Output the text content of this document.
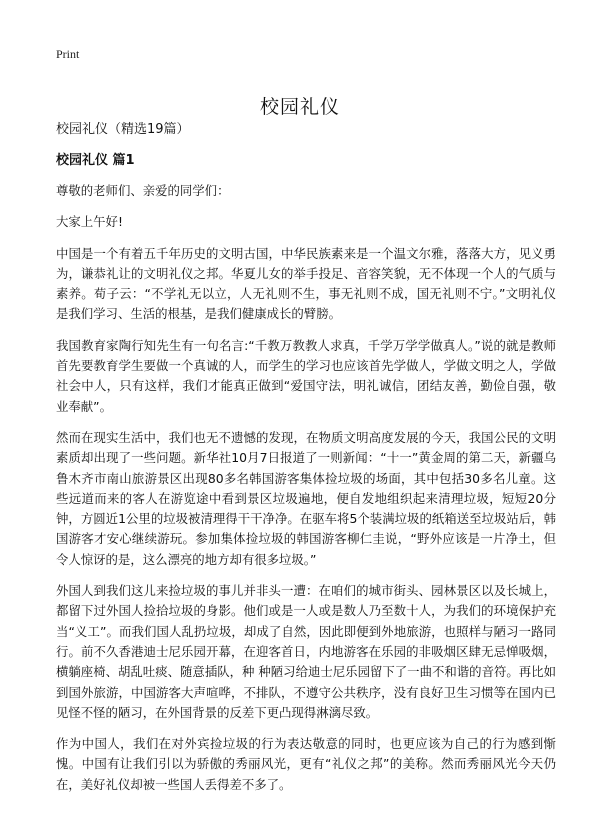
Print
校园礼仪
校园礼仪（精选19篇）
校园礼仪 篇1

尊敬的老师们、亲爱的同学们：

大家上午好!

中国是一个有着五千年历史的文明古国，中华民族素来是一个温文尔雅，落落大方，见义勇为，谦恭礼让的文明礼仪之邦。华夏儿女的举手投足、音容笑貌，无不体现一个人的气质与素养。荀子云：“不学礼无以立，人无礼则不生，事无礼则不成，国无礼则不宁。”文明礼仪是我们学习、生活的根基，是我们健康成长的臂膀。

我国教育家陶行知先生有一句名言:“千教万教教人求真，千学万学学做真人。”说的就是教师首先要教育学生要做一个真诚的人，而学生的学习也应该首先学做人，学做文明之人，学做社会中人，只有这样，我们才能真正做到“爱国守法，明礼诚信，团结友善，勤俭自强，敬业奉献”。

然而在现实生活中，我们也无不遗憾的发现，在物质文明高度发展的今天，我国公民的文明素质却出现了一些问题。新华社10月7日报道了一则新闻：“十一”黄金周的第二天，新疆乌鲁木齐市南山旅游景区出现80多名韩国游客集体捡垃圾的场面，其中包括30多名儿童。这些远道而来的客人在游览途中看到景区垃圾遍地，便自发地组织起来清理垃圾，短短20分钟，方圆近1公里的垃圾被清理得干干净净。在驱车将5个装满垃圾的纸箱送至垃圾站后，韩国游客才安心继续游玩。参加集体捡垃圾的韩国游客柳仁圭说，“野外应该是一片净土，但令人惊讶的是，这么漂亮的地方却有很多垃圾。”

外国人到我们这儿来捡垃圾的事儿并非头一遭：在咱们的城市街头、园林景区以及长城上，都留下过外国人捡拾垃圾的身影。他们或是一人或是数人乃至数十人，为我们的环境保护充当“义工”。而我们国人乱扔垃圾，却成了自然，因此即便到外地旅游，也照样与陋习一路同行。前不久香港迪士尼乐园开幕，在迎客首日，内地游客在乐园的非吸烟区肆无忌惮吸烟，横躺座椅、胡乱吐痰、随意插队，种 种陋习给迪士尼乐园留下了一曲不和谐的音符。再比如到国外旅游，中国游客大声喧哗，不排队，不遵守公共秩序，没有良好卫生习惯等在国内已见怪不怪的陋习，在外国背景的反差下更凸现得淋漓尽致。

作为中国人，我们在对外宾捡垃圾的行为表达敬意的同时，也更应该为自己的行为感到惭愧。中国有让我们引以为骄傲的秀丽风光，更有“礼仪之邦”的美称。然而秀丽风光今天仍在，美好礼仪却被一些国人丢得差不多了。
